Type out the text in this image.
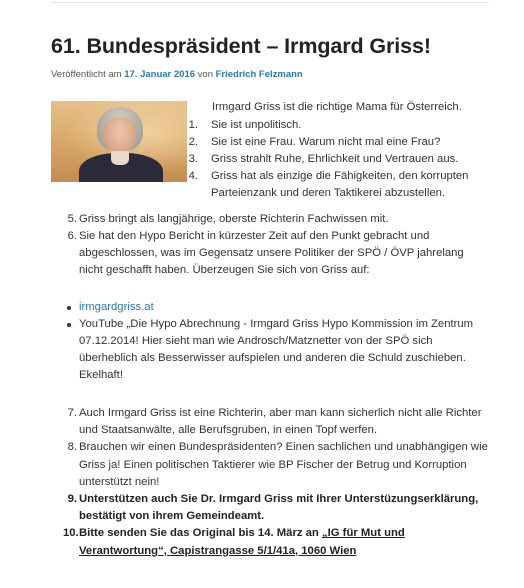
61. Bundespräsident – Irmgard Griss!
Veröffentlicht am 17. Januar 2016 von Friedrich Felzmann
Irmgard Griss ist die richtige Mama für Österreich.
1. Sie ist unpolitisch.
2. Sie ist eine Frau. Warum nicht mal eine Frau?
3. Griss strahlt Ruhe, Ehrlichkeit und Vertrauen aus.
4. Griss hat als einzige die Fähigkeiten, den korrupten
Parteienzank und deren Taktikerei abzustellen.
5. Griss bringt als langjährige, oberste Richterin Fachwissen mit.
6. Sie hat den Hypo Bericht in kürzester Zeit auf den Punkt gebracht und
abgeschlossen, was im Gegensatz unsere Politiker der SPÖ / ÖVP jahrelang
nicht geschafft haben. Überzeugen Sie sich von Griss auf:
irmgardgriss.at
YouTube „Die Hypo Abrechnung - Irmgard Griss Hypo Kommission im Zentrum
07.12.2014! Hier sieht man wie Androsch/Matznetter von der SPÖ sich
überheblich als Besserwisser aufspielen und anderen die Schuld zuschieben.
Ekelhaft!
7. Auch Irmgard Griss ist eine Richterin, aber man kann sicherlich nicht alle Richter
und Staatsanwälte, alle Berufsgruben, in einen Topf werfen.
8. Brauchen wir einen Bundespräsidenten? Einen sachlichen und unabhängigen wie
Griss ja! Einen politischen Taktierer wie BP Fischer der Betrug und Korruption
unterstützt nein!
9. Unterstützen auch Sie Dr. Irmgard Griss mit Ihrer Unterstüzungserklärung,
bestätigt von ihrem Gemeindeamt.
10. Bitte senden Sie das Original bis 14. März an „IG für Mut und
Verantwortung“, Capistrangasse 5/1/41a, 1060 Wien
